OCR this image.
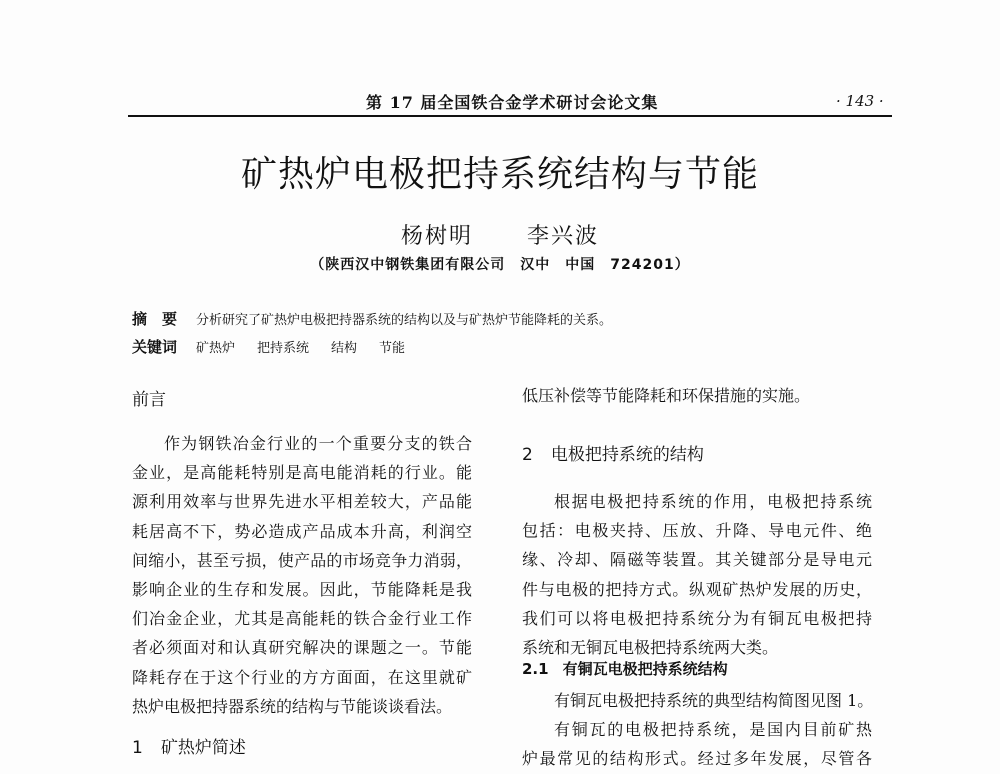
第 17 届全国铁合金学术研讨会论文集	· 143 ·
矿热炉电极把持系统结构与节能
杨树明 李兴波
（陕西汉中钢铁集团有限公司　汉中　中国　724201）
摘　要 分析研究了矿热炉电极把持器系统的结构以及与矿热炉节能降耗的关系。
关键词 矿热炉 把持系统 结构 节能
前言
作为钢铁冶金行业的一个重要分支的铁合
金业，是高能耗特别是高电能消耗的行业。能
源利用效率与世界先进水平相差较大，产品能
耗居高不下，势必造成产品成本升高，利润空
间缩小，甚至亏损，使产品的市场竞争力消弱，
影响企业的生存和发展。因此，节能降耗是我
们冶金企业，尤其是高能耗的铁合金行业工作
者必须面对和认真研究解决的课题之一。节能
降耗存在于这个行业的方方面面，在这里就矿
热炉电极把持器系统的结构与节能谈谈看法。
1 矿热炉简述
低压补偿等节能降耗和环保措施的实施。
2 电极把持系统的结构
根据电极把持系统的作用，电极把持系统
包括：电极夹持、压放、升降、导电元件、绝
缘、冷却、隔磁等装置。其关键部分是导电元
件与电极的把持方式。纵观矿热炉发展的历史，
我们可以将电极把持系统分为有铜瓦电极把持
系统和无铜瓦电极把持系统两大类。
2.1 有铜瓦电极把持系统结构
有铜瓦电极把持系统的典型结构简图见图 1。
有铜瓦的电极把持系统，是国内目前矿热
炉最常见的结构形式。经过多年发展，尽管各
